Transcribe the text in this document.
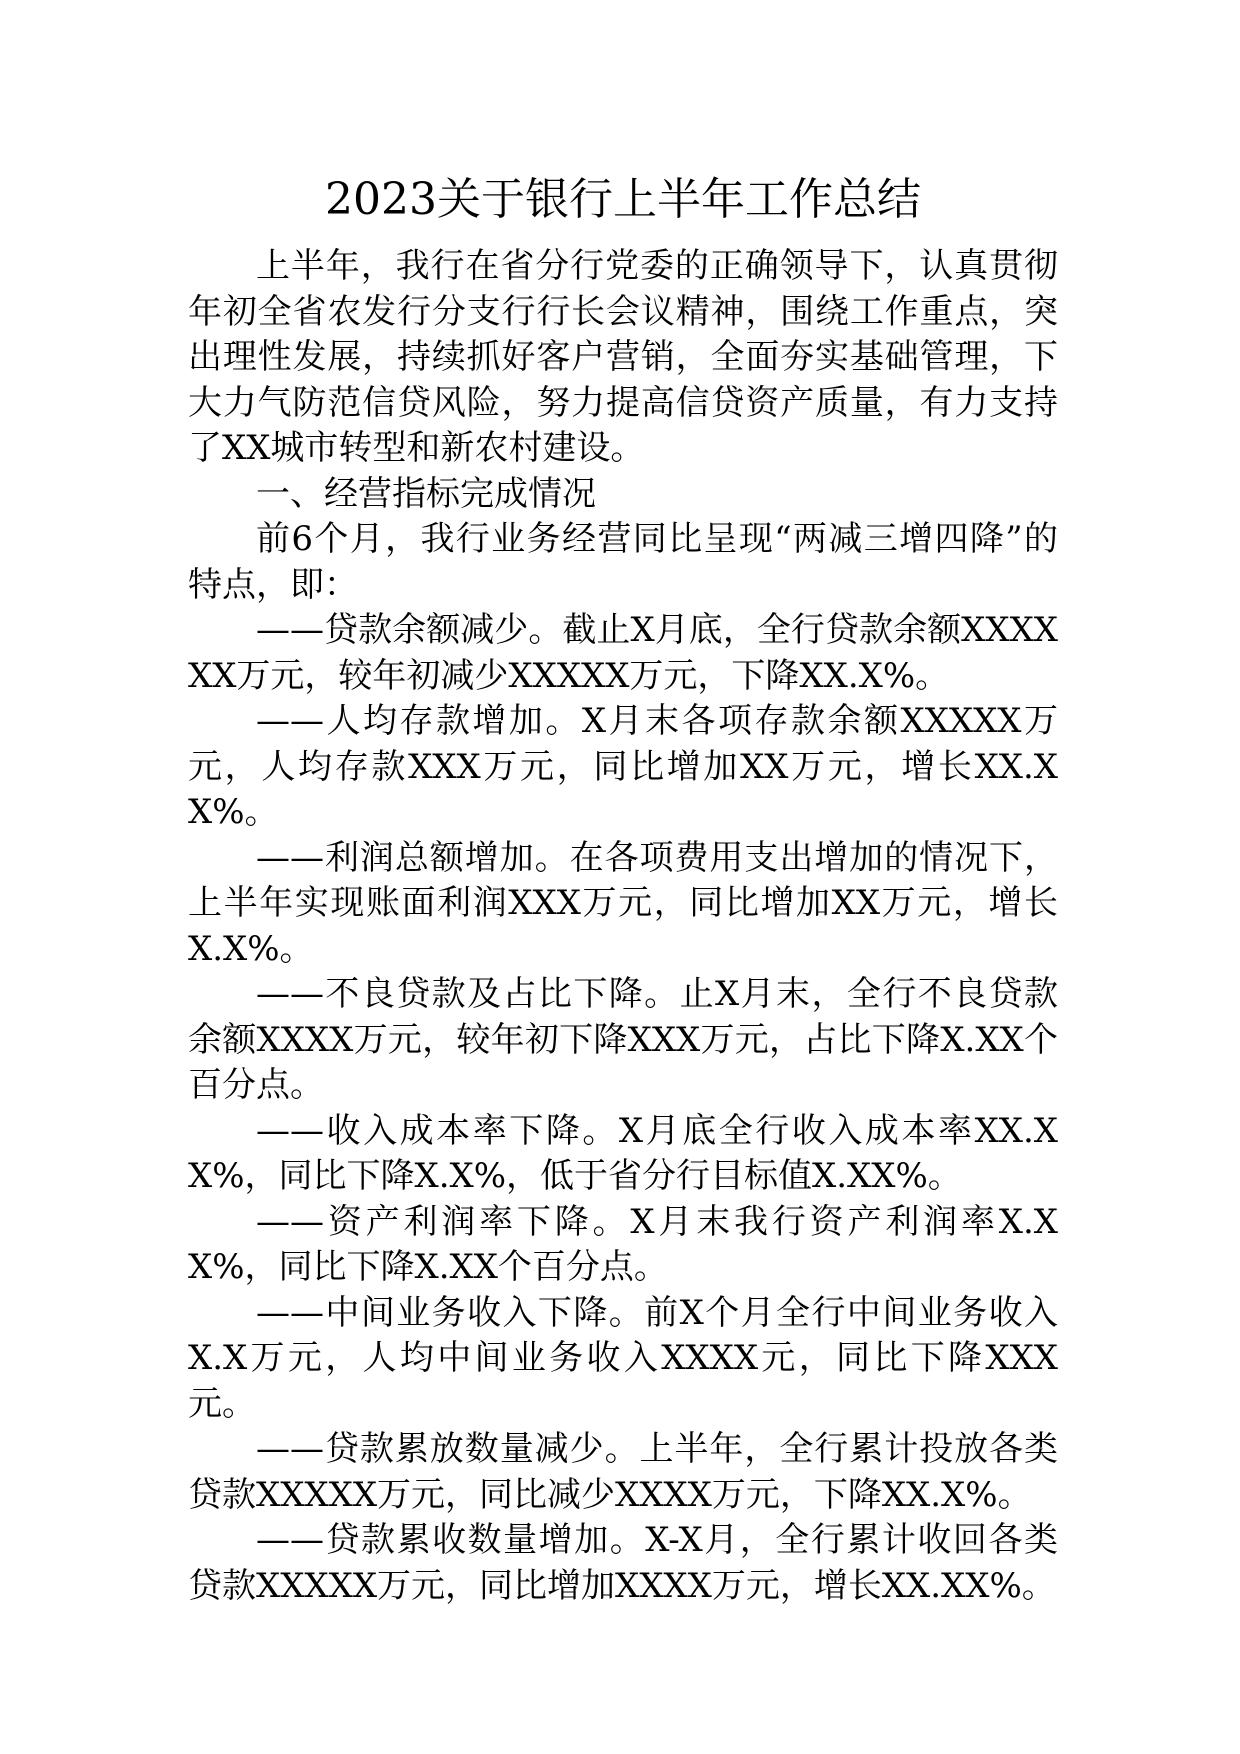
2023关于银行上半年工作总结

上半年，我行在省分行党委的正确领导下，认真贯彻年初全省农发行分支行行长会议精神，围绕工作重点，突出理性发展，持续抓好客户营销，全面夯实基础管理，下大力气防范信贷风险，努力提高信贷资产质量，有力支持了XX城市转型和新农村建设。

一、经营指标完成情况

前6个月，我行业务经营同比呈现“两减三增四降”的特点，即：

——贷款余额减少。截止X月底，全行贷款余额XXXXXX万元，较年初减少XXXXX万元，下降XX.X%。

——人均存款增加。X月末各项存款余额XXXXX万元，人均存款XXX万元，同比增加XX万元，增长XX.XX%。

——利润总额增加。在各项费用支出增加的情况下，上半年实现账面利润XXX万元，同比增加XX万元，增长X.X%。

——不良贷款及占比下降。止X月末，全行不良贷款余额XXXX万元，较年初下降XXX万元，占比下降X.XX个百分点。

——收入成本率下降。X月底全行收入成本率XX.XX%，同比下降X.X%，低于省分行目标值X.XX%。

——资产利润率下降。X月末我行资产利润率X.XX%，同比下降X.XX个百分点。

——中间业务收入下降。前X个月全行中间业务收入X.X万元，人均中间业务收入XXXX元，同比下降XXX元。

——贷款累放数量减少。上半年，全行累计投放各类贷款XXXXX万元，同比减少XXXX万元，下降XX.X%。

——贷款累收数量增加。X-X月，全行累计收回各类贷款XXXXX万元，同比增加XXXX万元，增长XX.XX%。
